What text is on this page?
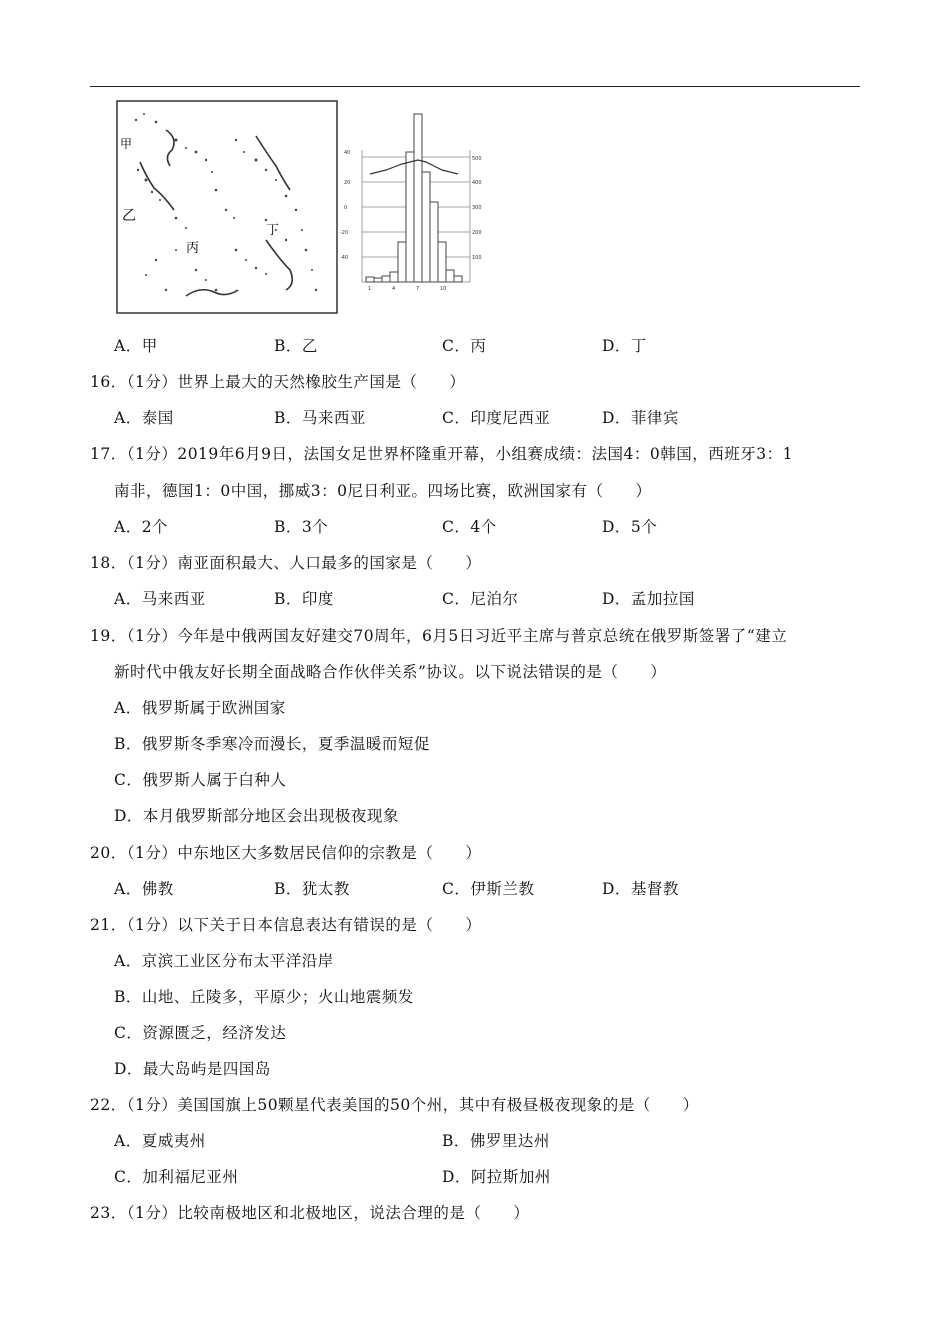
甲
乙
丙
丁
40
20
0
-20
-40
500
400
300
200
100
1	4	7	10
A．甲	B．乙	C．丙	D．丁
16．（1分）世界上最大的天然橡胶生产国是（　　）
A．泰国	B．马来西亚	C．印度尼西亚	D．菲律宾
17．（1分）2019年6月9日，法国女足世界杯隆重开幕，小组赛成绩：法国4：0韩国，西班牙3：1
南非，德国1：0中国，挪威3：0尼日利亚。四场比赛，欧洲国家有（　　）
A．2个	B．3个	C．4个	D．5个
18．（1分）南亚面积最大、人口最多的国家是（　　）
A．马来西亚	B．印度	C．尼泊尔	D．孟加拉国
19．（1分）今年是中俄两国友好建交70周年，6月5日习近平主席与普京总统在俄罗斯签署了“建立
新时代中俄友好长期全面战略合作伙伴关系”协议。以下说法错误的是（　　）
A．俄罗斯属于欧洲国家
B．俄罗斯冬季寒冷而漫长，夏季温暖而短促
C．俄罗斯人属于白种人
D．本月俄罗斯部分地区会出现极夜现象
20．（1分）中东地区大多数居民信仰的宗教是（　　）
A．佛教	B．犹太教	C．伊斯兰教	D．基督教
21．（1分）以下关于日本信息表达有错误的是（　　）
A．京滨工业区分布太平洋沿岸
B．山地、丘陵多，平原少；火山地震频发
C．资源匮乏，经济发达
D．最大岛屿是四国岛
22．（1分）美国国旗上50颗星代表美国的50个州，其中有极昼极夜现象的是（　　）
A．夏威夷州	B．佛罗里达州
C．加利福尼亚州	D．阿拉斯加州
23．（1分）比较南极地区和北极地区，说法合理的是（　　）
